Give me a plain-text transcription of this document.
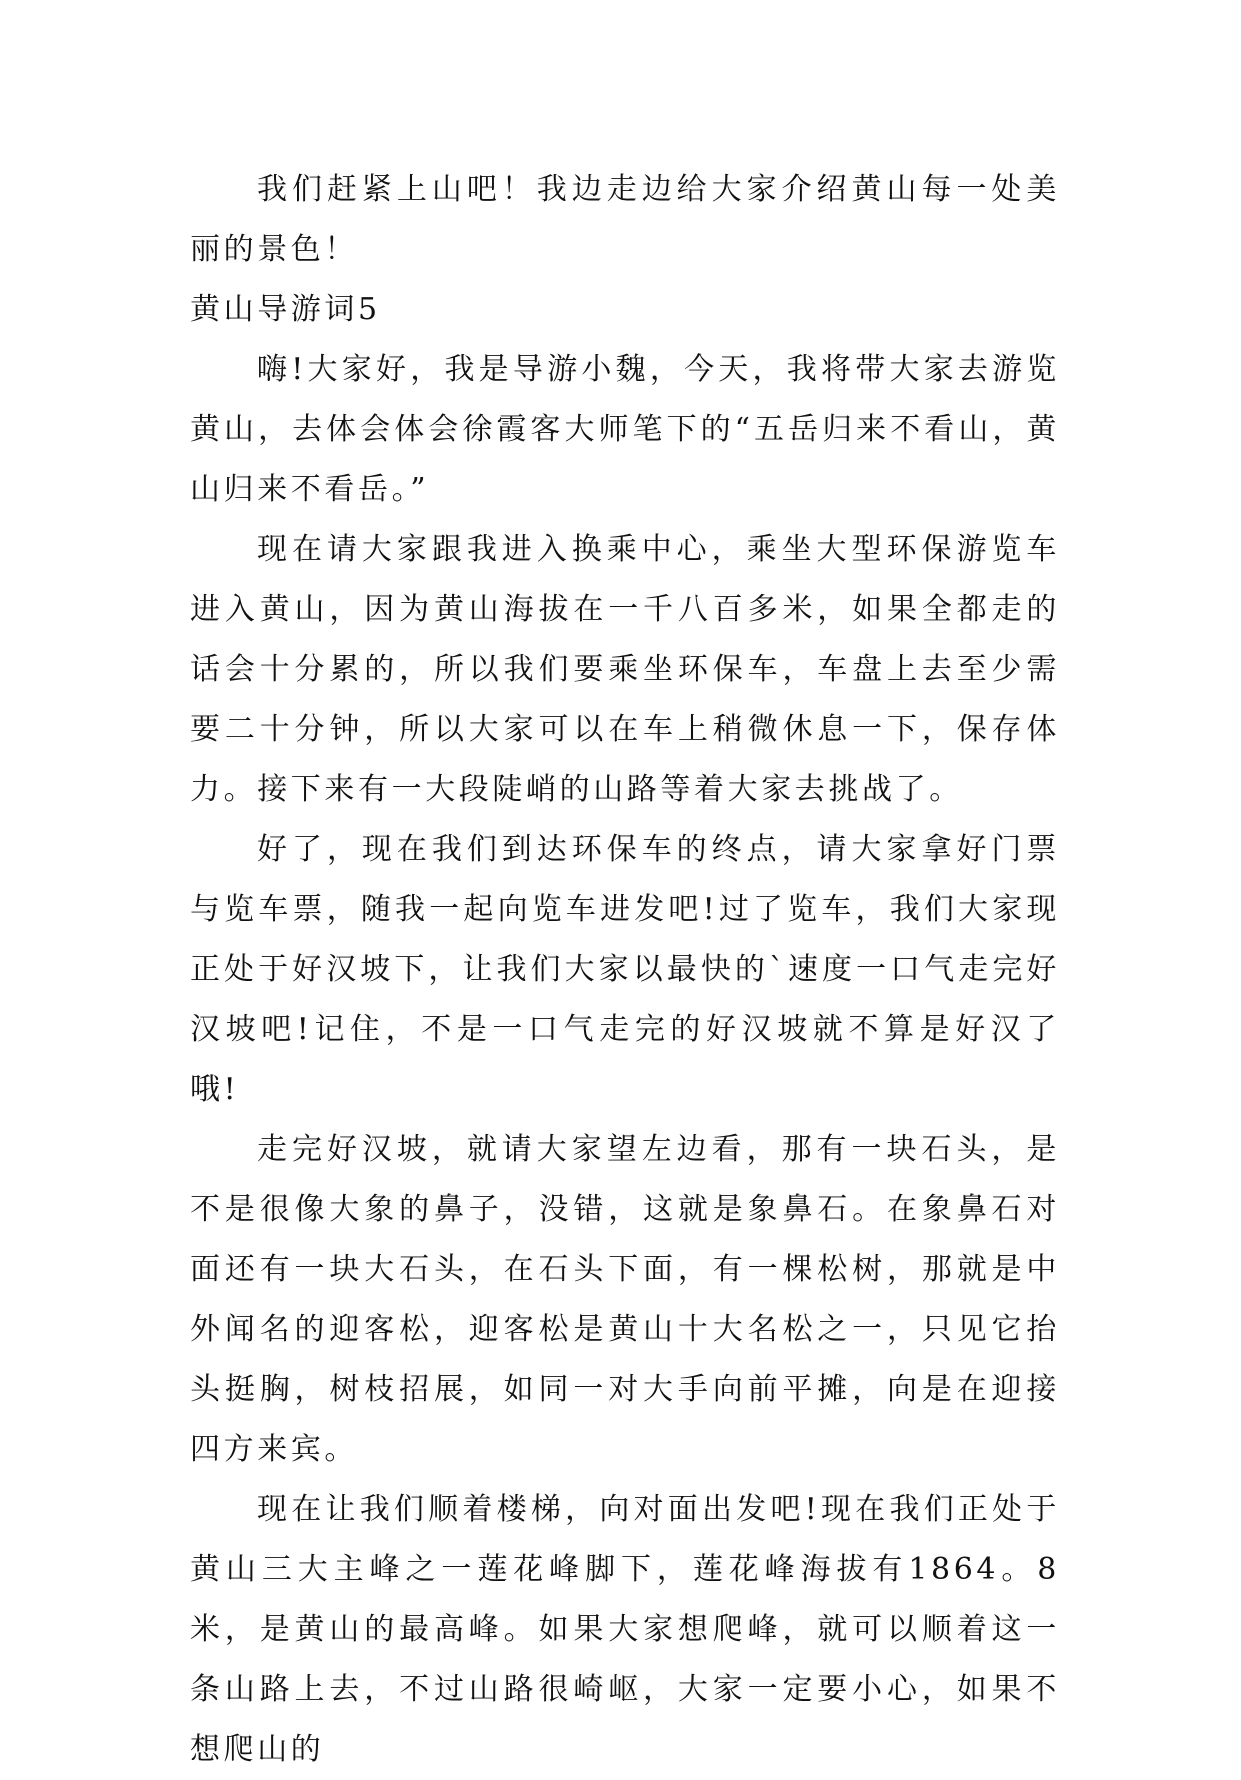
我们赶紧上山吧！我边走边给大家介绍黄山每一处美丽的景色！

黄山导游词5

嗨!大家好，我是导游小魏，今天，我将带大家去游览黄山，去体会体会徐霞客大师笔下的“五岳归来不看山，黄山归来不看岳。”

现在请大家跟我进入换乘中心，乘坐大型环保游览车进入黄山，因为黄山海拔在一千八百多米，如果全都走的话会十分累的，所以我们要乘坐环保车，车盘上去至少需要二十分钟，所以大家可以在车上稍微休息一下，保存体力。接下来有一大段陡峭的山路等着大家去挑战了。

好了，现在我们到达环保车的终点，请大家拿好门票与览车票，随我一起向览车进发吧!过了览车，我们大家现正处于好汉坡下，让我们大家以最快的`速度一口气走完好汉坡吧!记住，不是一口气走完的好汉坡就不算是好汉了哦!

走完好汉坡，就请大家望左边看，那有一块石头，是不是很像大象的鼻子，没错，这就是象鼻石。在象鼻石对面还有一块大石头，在石头下面，有一棵松树，那就是中外闻名的迎客松，迎客松是黄山十大名松之一，只见它抬头挺胸，树枝招展，如同一对大手向前平摊，向是在迎接四方来宾。

现在让我们顺着楼梯，向对面出发吧!现在我们正处于黄山三大主峰之一莲花峰脚下，莲花峰海拔有1864。8米，是黄山的最高峰。如果大家想爬峰，就可以顺着这一条山路上去，不过山路很崎岖，大家一定要小心，如果不想爬山的
